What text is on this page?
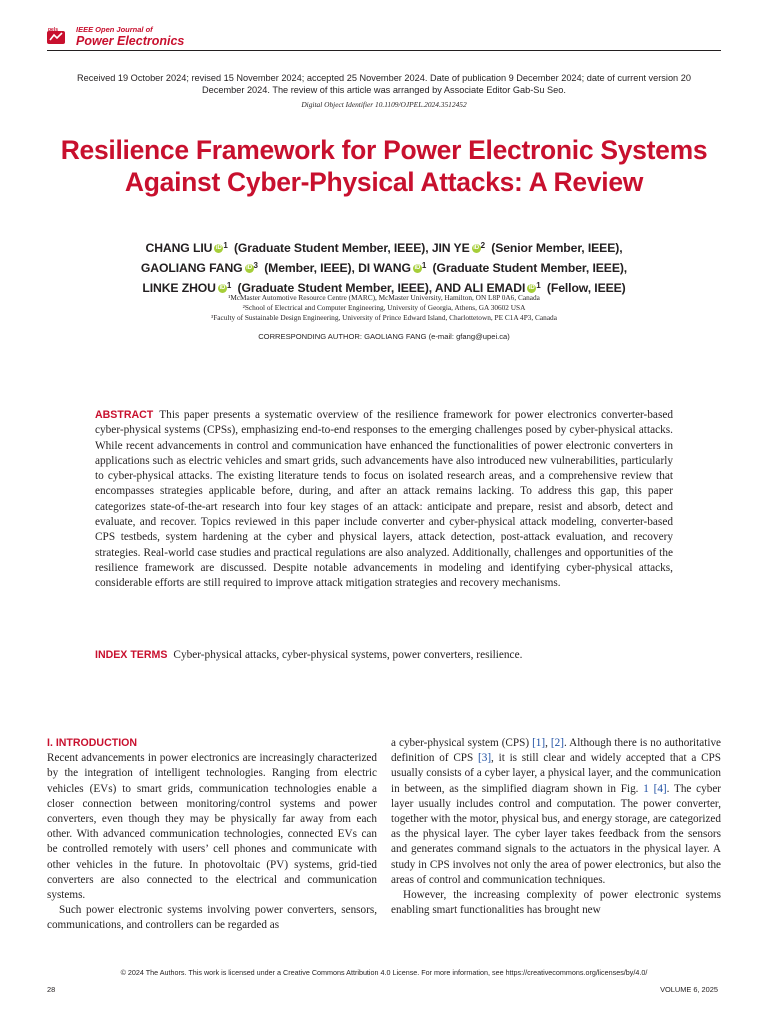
pels IEEE Open Journal of
Power Electronics
Received 19 October 2024; revised 15 November 2024; accepted 25 November 2024. Date of publication 9 December 2024; date of current version 20 December 2024. The review of this article was arranged by Associate Editor Gab-Su Seo.
Digital Object Identifier 10.1109/OJPEL.2024.3512452
Resilience Framework for Power Electronic Systems Against Cyber-Physical Attacks: A Review
CHANG LIU iD $^1$ (Graduate Student Member, IEEE), JIN YE iD $^2$ (Senior Member, IEEE),
GAOLIANG FANG iD $^3$ (Member, IEEE), DI WANG iD $^1$ (Graduate Student Member, IEEE),
LINKE ZHOU iD $^1$ (Graduate Student Member, IEEE), AND ALI EMADI iD $^1$ (Fellow, IEEE)
¹McMaster Automotive Resource Centre (MARC), McMaster University, Hamilton, ON L8P 0A6, Canada
²School of Electrical and Computer Engineering, University of Georgia, Athens, GA 30602 USA
³Faculty of Sustainable Design Engineering, University of Prince Edward Island, Charlottetown, PE C1A 4P3, Canada
CORRESPONDING AUTHOR: GAOLIANG FANG (e-mail: gfang@upei.ca)
ABSTRACT This paper presents a systematic overview of the resilience framework for power electronics converter-based cyber-physical systems (CPSs), emphasizing end-to-end responses to the emerging challenges posed by cyber-physical attacks. While recent advancements in control and communication have enhanced the functionalities of power electronic converters in applications such as electric vehicles and smart grids, such advancements have also introduced new vulnerabilities, particularly to cyber-physical attacks. The existing literature tends to focus on isolated research areas, and a comprehensive review that encompasses strategies applicable before, during, and after an attack remains lacking. To address this gap, this paper categorizes state-of-the-art research into four key stages of an attack: anticipate and prepare, resist and absorb, detect and evaluate, and recover. Topics reviewed in this paper include converter and cyber-physical attack modeling, converter-based CPS testbeds, system hardening at the cyber and physical layers, attack detection, post-attack evaluation, and recovery strategies. Real-world case studies and practical regulations are also analyzed. Additionally, challenges and opportunities of the resilience framework are discussed. Despite notable advancements in modeling and identifying cyber-physical attacks, considerable efforts are still required to improve attack mitigation strategies and recovery mechanisms.
INDEX TERMS Cyber-physical attacks, cyber-physical systems, power converters, resilience.
I. INTRODUCTION

Recent advancements in power electronics are increasingly characterized by the integration of intelligent technologies. Ranging from electric vehicles (EVs) to smart grids, communication technologies enable a closer connection between monitoring/control systems and power converters, even though they may be physically far away from each other. With advanced communication technologies, connected EVs can be controlled remotely with users’ cell phones and communicate with other vehicles in the future. In photovoltaic (PV) systems, grid-tied converters are also connected to the electrical and communication systems.

Such power electronic systems involving power converters, sensors, communications, and controllers can be regarded as

a cyber-physical system (CPS) [1], [2]. Although there is no authoritative definition of CPS [3], it is still clear and widely accepted that a CPS usually consists of a cyber layer, a physical layer, and the communication in between, as the simplified diagram shown in Fig. 1 [4]. The cyber layer usually includes control and computation. The power converter, together with the motor, physical bus, and energy storage, are categorized as the physical layer. The cyber layer takes feedback from the sensors and generates command signals to the actuators in the physical layer. A study in CPS involves not only the area of power electronics, but also the areas of control and communication techniques.

However, the increasing complexity of power electronic systems enabling smart functionalities has brought new

© 2024 The Authors. This work is licensed under a Creative Commons Attribution 4.0 License. For more information, see https://creativecommons.org/licenses/by/4.0/
28	VOLUME 6, 2025
